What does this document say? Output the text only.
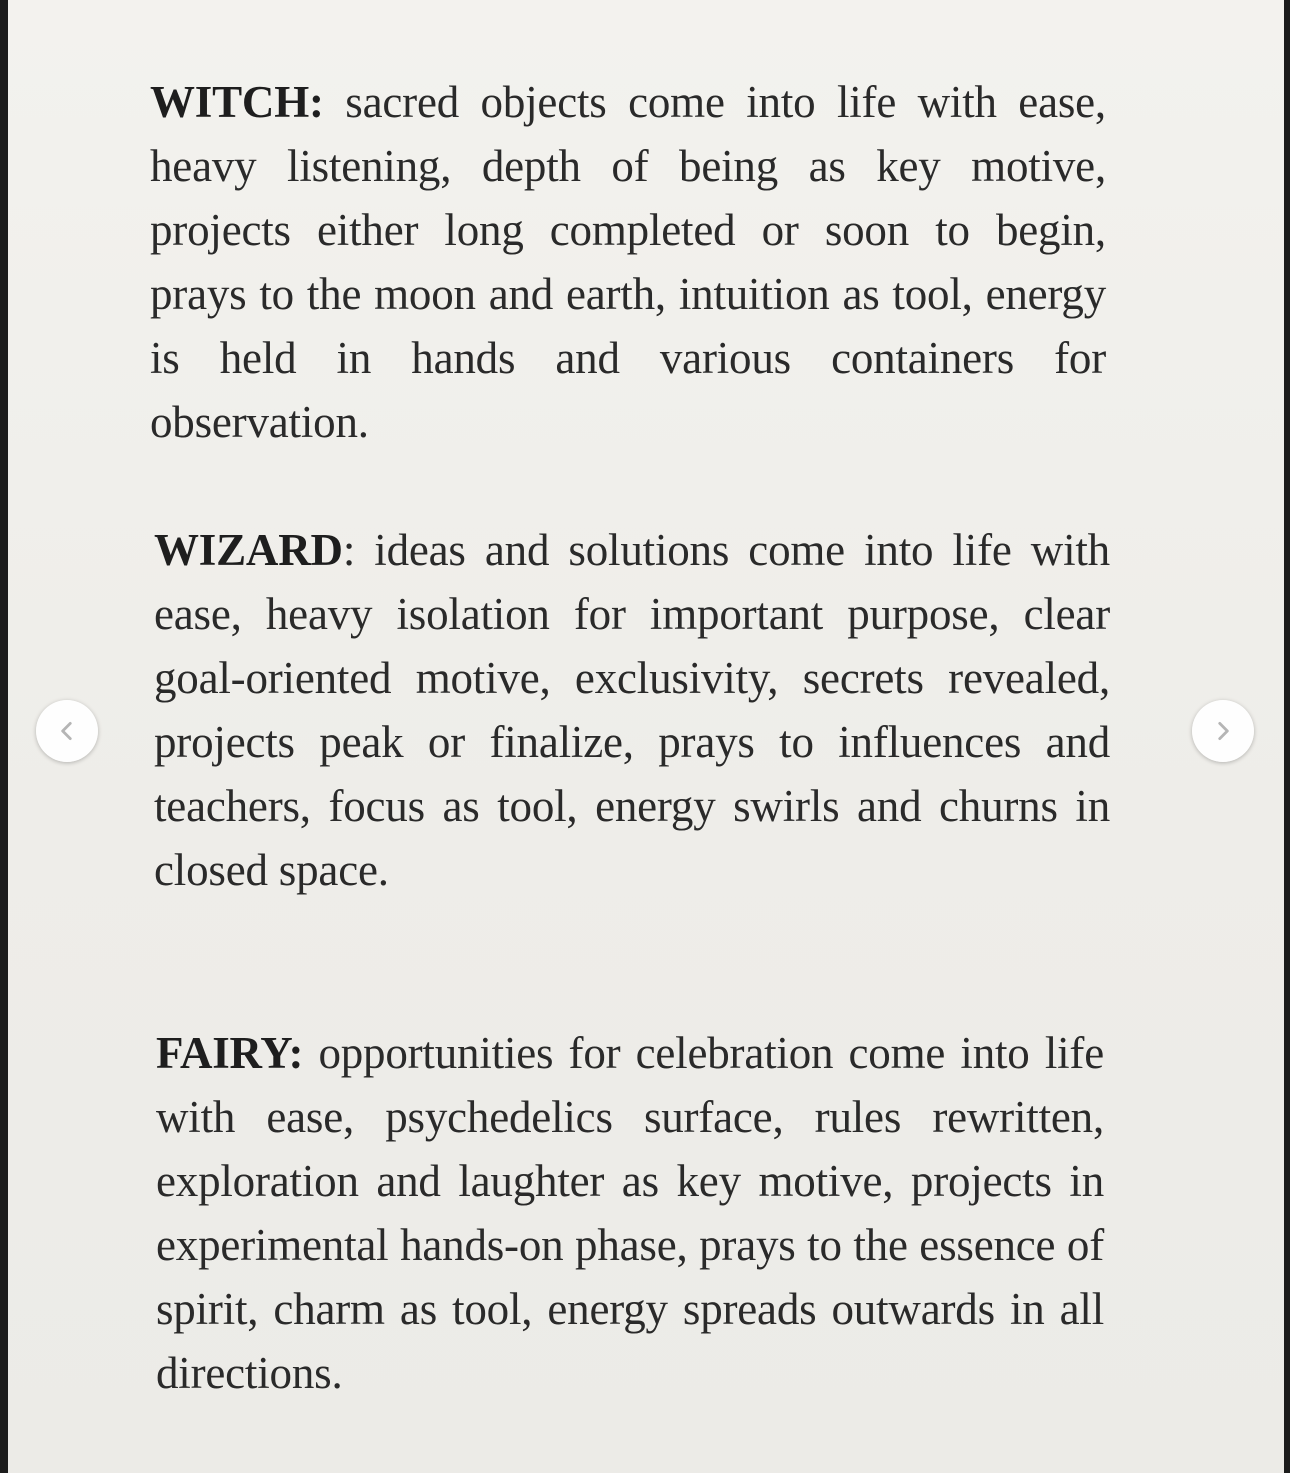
WITCH: sacred objects come into life with ease, heavy listening, depth of being as key motive, projects either long completed or soon to begin, prays to the moon and earth, intuition as tool, energy is held in hands and various containers for observation.

WIZARD: ideas and solutions come into life with ease, heavy isolation for important purpose, clear goal-oriented motive, exclusivity, secrets revealed, projects peak or finalize, prays to influences and teachers, focus as tool, energy swirls and churns in closed space.

FAIRY: opportunities for celebration come into life with ease, psychedelics surface, rules rewritten, exploration and laughter as key motive, projects in experimental hands-on phase, prays to the essence of spirit, charm as tool, energy spreads outwards in all directions.
